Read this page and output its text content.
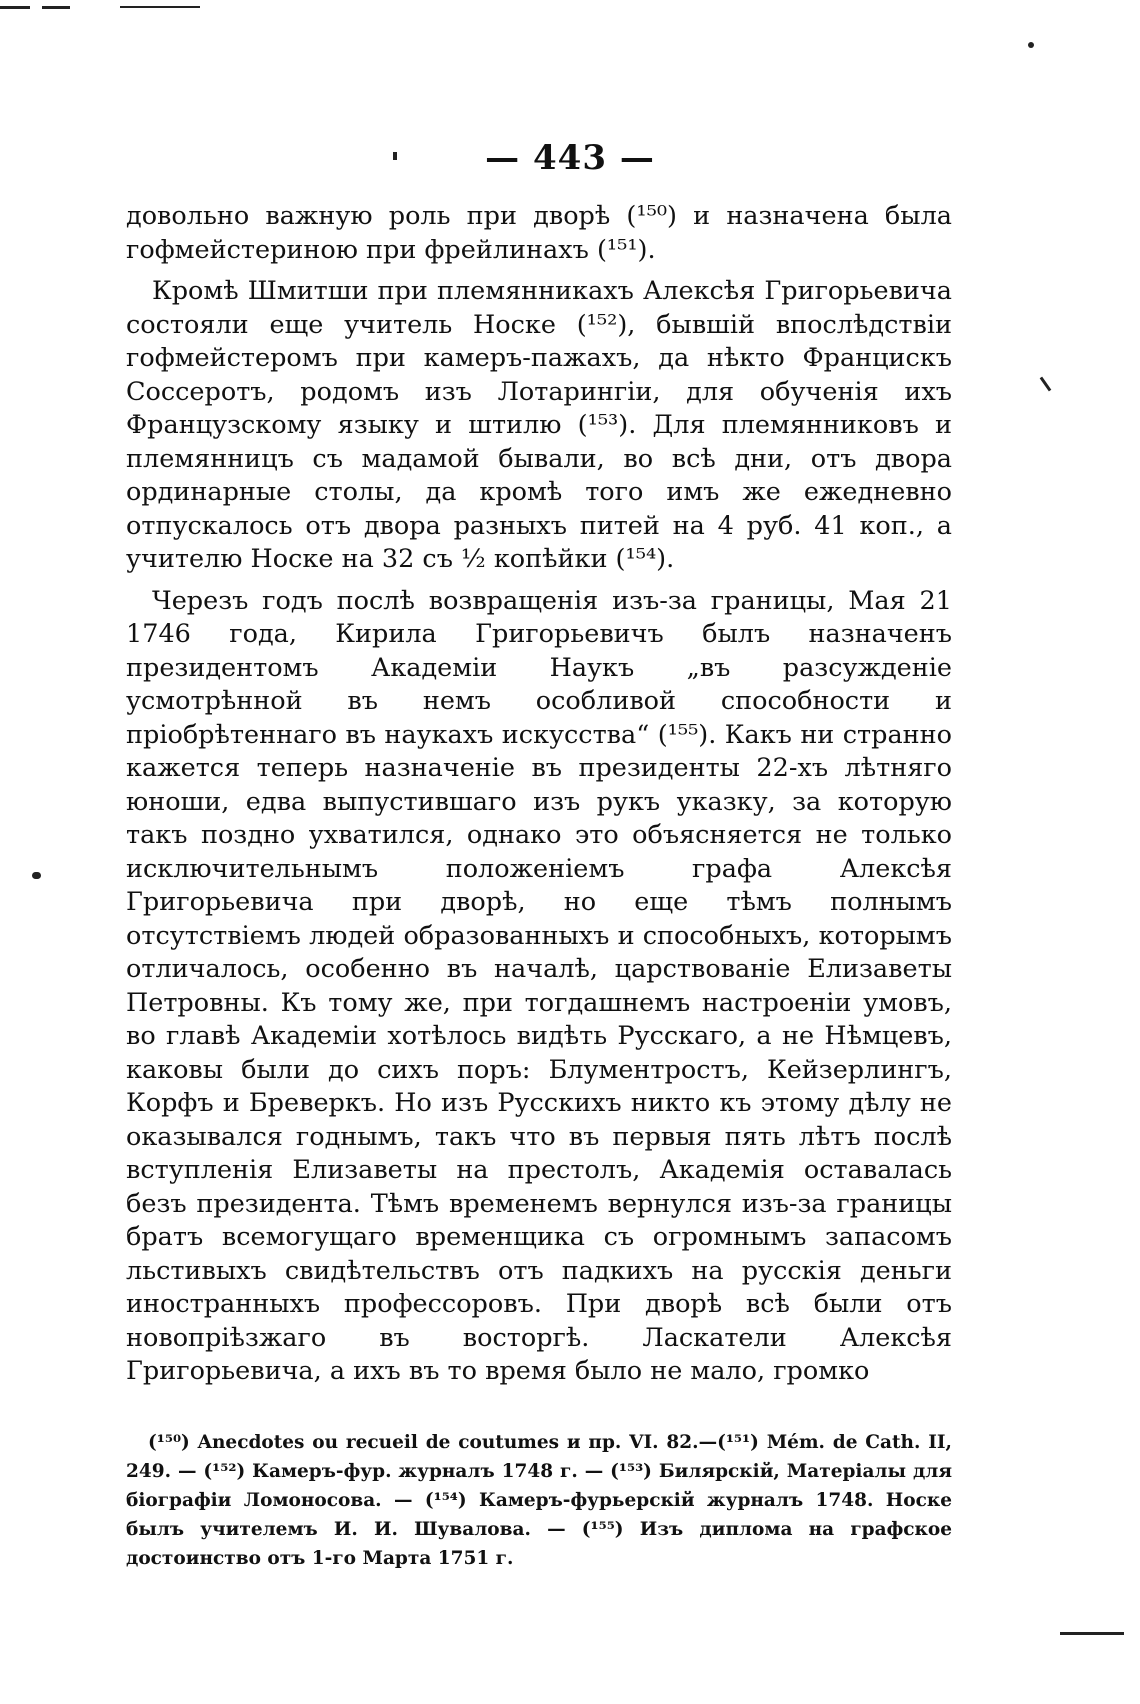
— 443 —

довольно важную роль при дворѣ (¹⁵⁰) и назначена была гофмейстериною при фрейлинахъ (¹⁵¹).

Кромѣ Шмитши при племянникахъ Алексѣя Григорьевича состояли еще учитель Носке (¹⁵²), бывшій впослѣдствіи гофмейстеромъ при камеръ-пажахъ, да нѣкто Францискъ Сосcеротъ, родомъ изъ Лотарингіи, для обученія ихъ Французскому языку и штилю (¹⁵³). Для племянниковъ и племянницъ съ мадамой бывали, во всѣ дни, отъ двора ординарные столы, да кромѣ того имъ же ежедневно отпускалось отъ двора разныхъ питей на 4 руб. 41 коп., а учителю Носке на 32 съ ½ копѣйки (¹⁵⁴).

Черезъ годъ послѣ возвращенія изъ-за границы, Мая 21 1746 года, Кирила Григорьевичъ былъ назначенъ президентомъ Академіи Наукъ „въ разсужденіе усмотрѣнной въ немъ особливой способности и пріобрѣтеннаго въ наукахъ искусства“ (¹⁵⁵). Какъ ни странно кажется теперь назначеніе въ президенты 22-хъ лѣтняго юноши, едва выпустившаго изъ рукъ указку, за которую такъ поздно ухватился, однако это объясняется не только исключительнымъ положеніемъ графа Алексѣя Григорьевича при дворѣ, но еще тѣмъ полнымъ отсутствіемъ людей образованныхъ и способныхъ, которымъ отличалось, особенно въ началѣ, царствованіе Елизаветы Петровны. Къ тому же, при тогдашнемъ настроеніи умовъ, во главѣ Академіи хотѣлось видѣть Русскаго, а не Нѣмцевъ, каковы были до сихъ поръ: Блументростъ, Кейзерлингъ, Корфъ и Бреверкъ. Но изъ Русскихъ никто къ этому дѣлу не оказывался годнымъ, такъ что въ первыя пять лѣтъ послѣ вступленія Елизаветы на престолъ, Академія оставалась безъ президента. Тѣмъ временемъ вернулся изъ-за границы братъ всемогущаго временщика съ огромнымъ запасомъ льстивыхъ свидѣтельствъ отъ падкихъ на русскія деньги иностранныхъ профессоровъ. При дворѣ всѣ были отъ новопріѣзжаго въ восторгѣ. Ласкатели Алексѣя Григорьевича, а ихъ въ то время было не мало, громко

(¹⁵⁰) Anecdotes ou recueil de coutumes и пр. VI. 82.—(¹⁵¹) Mém. de Cath. II, 249. — (¹⁵²) Камеръ-фур. журналъ 1748 г. — (¹⁵³) Билярскій, Матеріалы для біографіи Ломоносова. — (¹⁵⁴) Камеръ-фурьерскій журналъ 1748. Носке былъ учителемъ И. И. Шувалова. — (¹⁵⁵) Изъ диплома на графское достоинство отъ 1-го Марта 1751 г.
